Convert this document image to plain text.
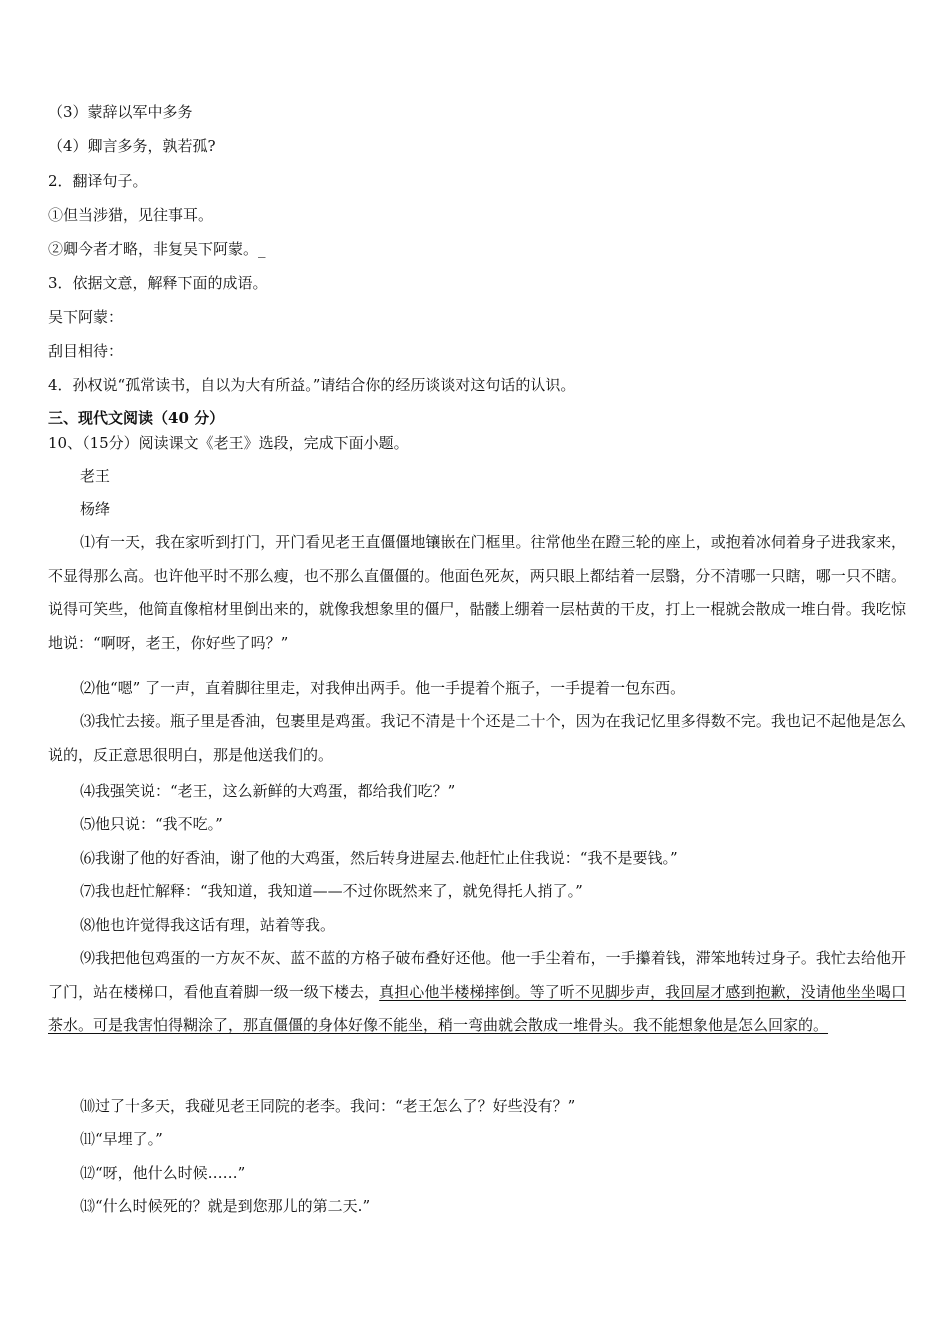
（3）蒙辞以军中多务
（4）卿言多务，孰若孤?
2．翻译句子。
①但当涉猎，见往事耳。
②卿今者才略，非复吴下阿蒙。_
3．依据文意，解释下面的成语。
吴下阿蒙：
刮目相待：
4．孙权说“孤常读书，自以为大有所益。”请结合你的经历谈谈对这句话的认识。
三、现代文阅读（40 分）
10、（15分）阅读课文《老王》选段，完成下面小题。
老王
杨绛
⑴有一天，我在家听到打门，开门看见老王直僵僵地镶嵌在门框里。往常他坐在蹬三轮的座上，或抱着冰伺着身子进我家来，不显得那么高。也许他平时不那么瘦，也不那么直僵僵的。他面色死灰，两只眼上都结着一层翳，分不清哪一只瞎，哪一只不瞎。说得可笑些，他简直像棺材里倒出来的，就像我想象里的僵尸，骷髅上绷着一层枯黄的干皮，打上一棍就会散成一堆白骨。我吃惊地说：“啊呀，老王，你好些了吗？”
⑵他“嗯” 了一声，直着脚往里走，对我伸出两手。他一手提着个瓶子，一手提着一包东西。
⑶我忙去接。瓶子里是香油，包裹里是鸡蛋。我记不清是十个还是二十个，因为在我记忆里多得数不完。我也记不起他是怎么说的，反正意思很明白，那是他送我们的。
⑷我强笑说：“老王，这么新鲜的大鸡蛋，都给我们吃？”
⑸他只说：“我不吃。”
⑹我谢了他的好香油，谢了他的大鸡蛋，然后转身进屋去.他赶忙止住我说：“我不是要钱。”
⑺我也赶忙解释：“我知道，我知道——不过你既然来了，就免得托人捎了。”
⑻他也许觉得我这话有理，站着等我。
⑼我把他包鸡蛋的一方灰不灰、蓝不蓝的方格子破布叠好还他。他一手尘着布，一手攥着钱，滞笨地转过身子。我忙去给他开了门，站在楼梯口，看他直着脚一级一级下楼去，真担心他半楼梯摔倒。等了听不见脚步声，我回屋才感到抱歉，没请他坐坐喝口茶水。可是我害怕得糊涂了，那直僵僵的身体好像不能坐，稍一弯曲就会散成一堆骨头。我不能想象他是怎么回家的。
⑽过了十多天，我碰见老王同院的老李。我问：“老王怎么了？好些没有？”
⑾“早埋了。”
⑿“呀，他什么时候……”
⒀“什么时候死的？就是到您那儿的第二天.”
